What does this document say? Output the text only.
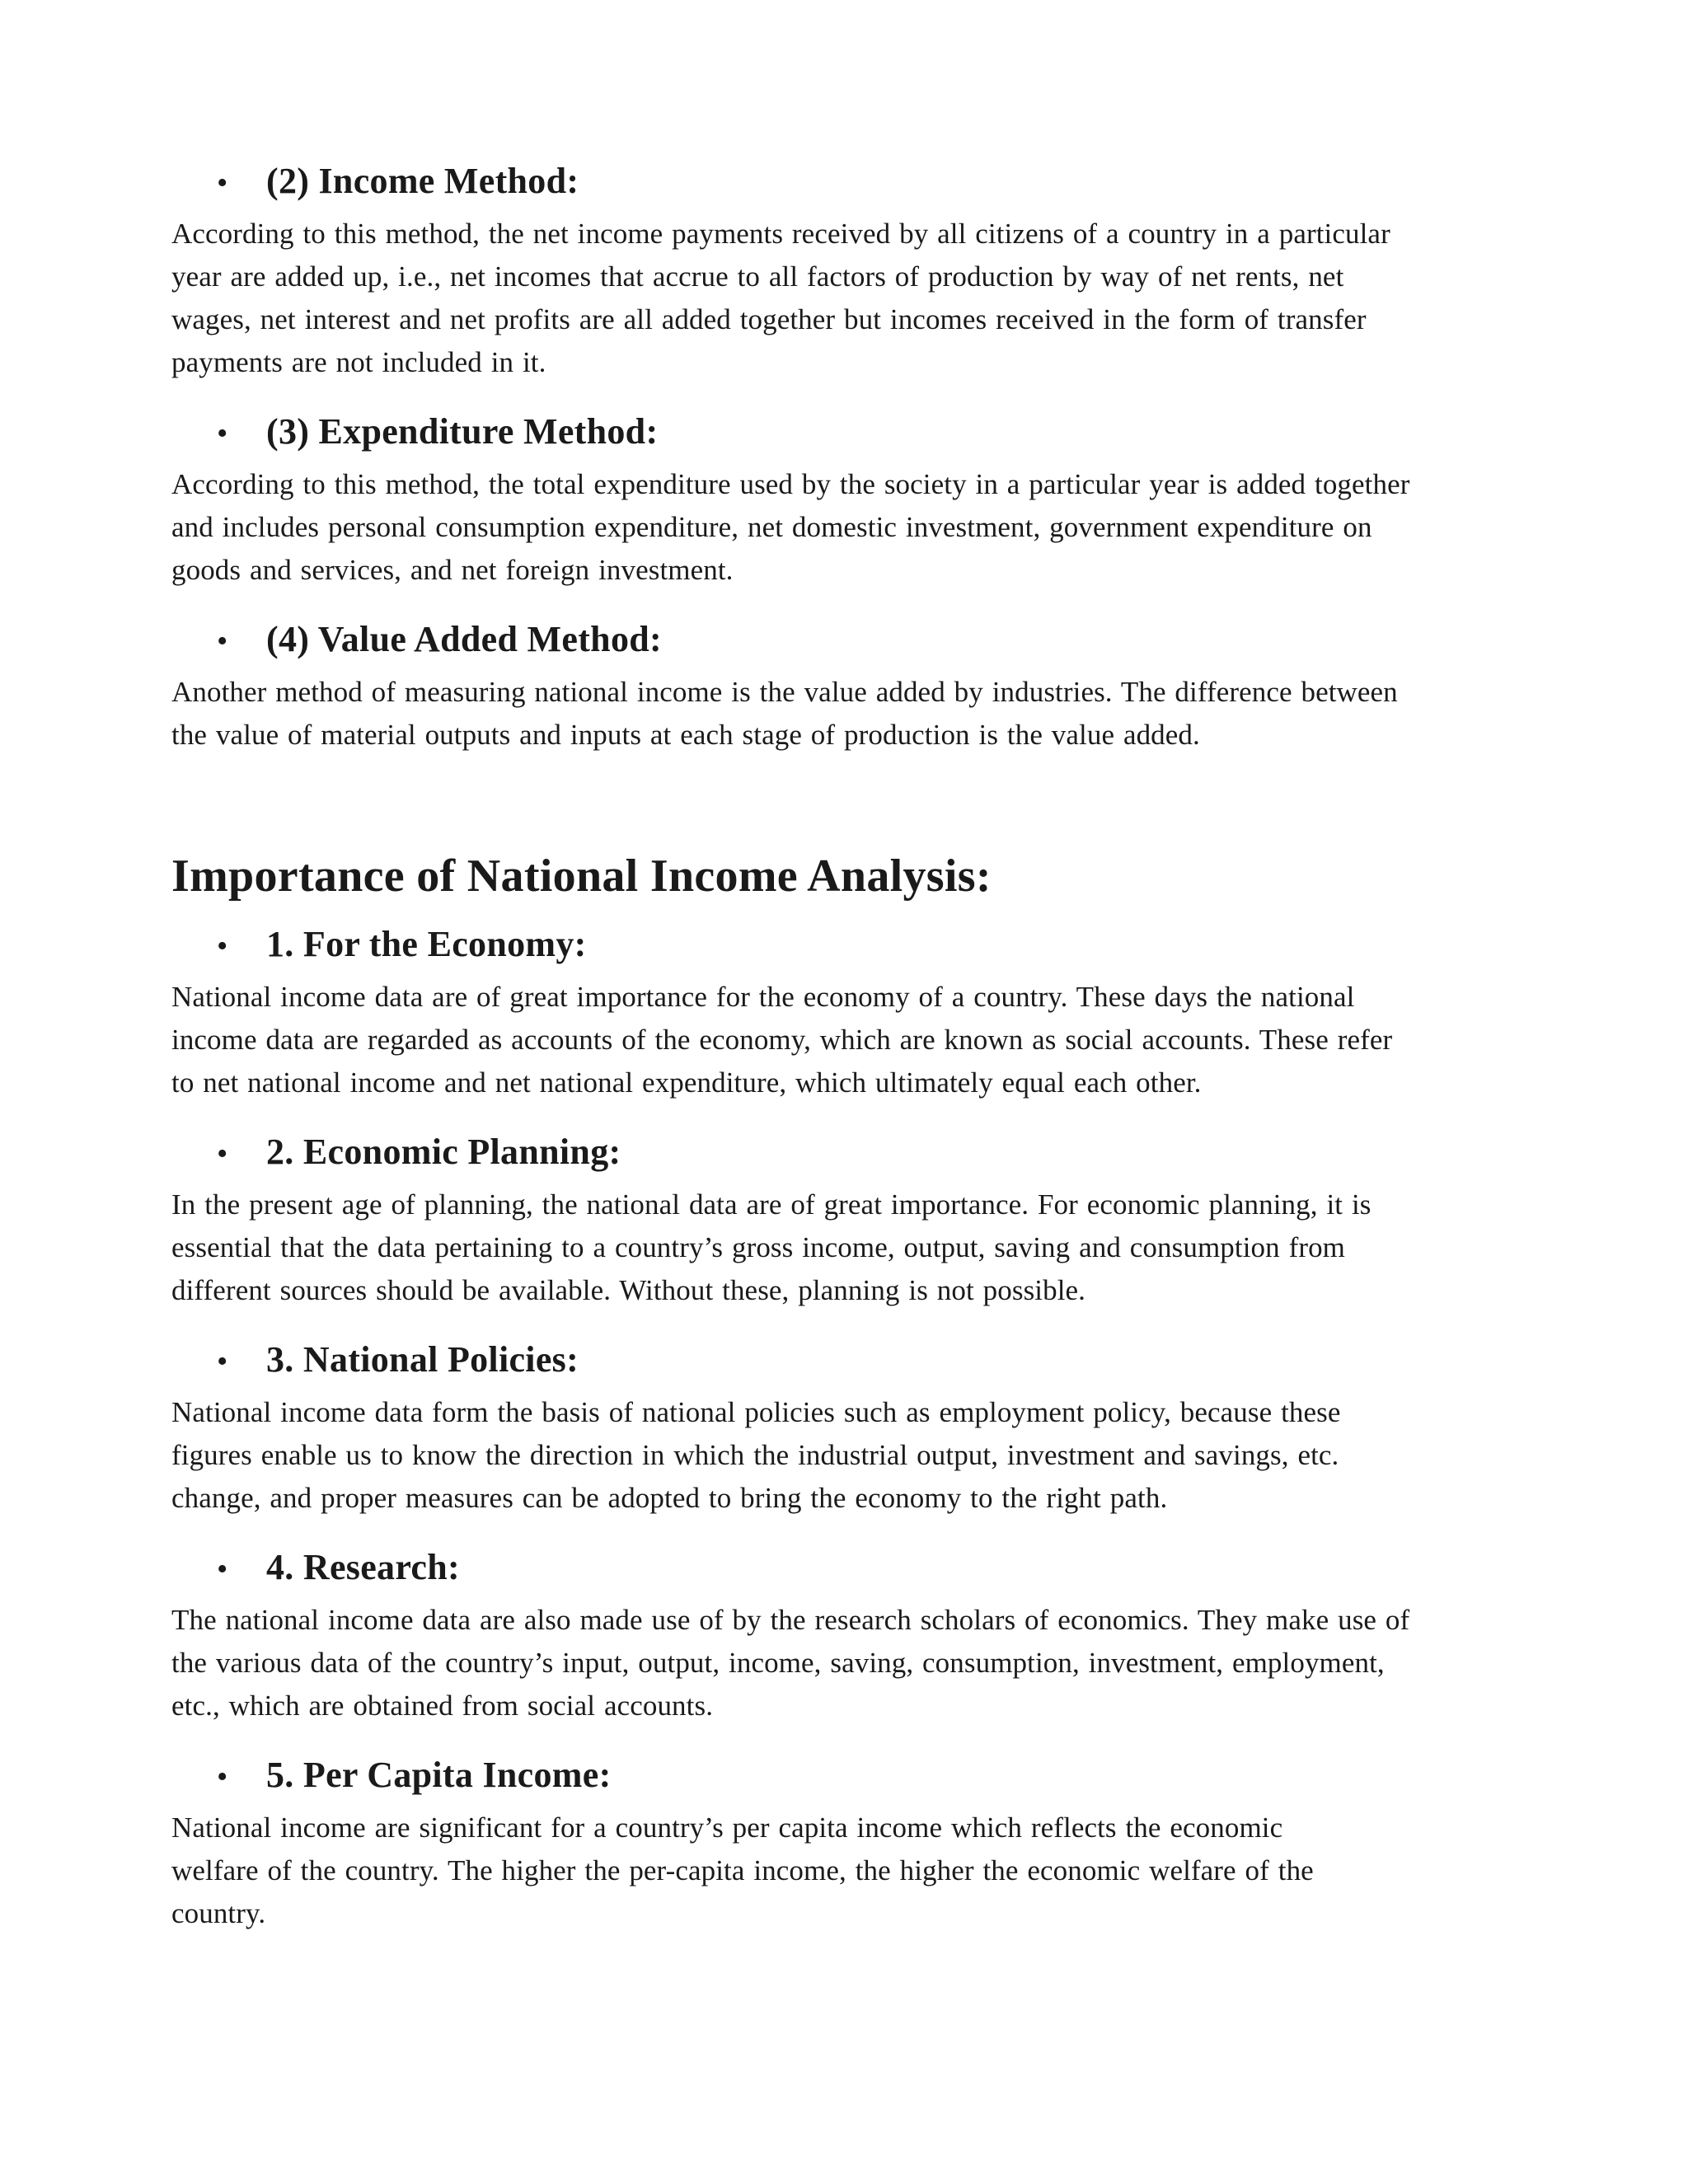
•	(2) Income Method:

According to this method, the net income payments received by all citizens of a country in a particular
year are added up, i.e., net incomes that accrue to all factors of production by way of net rents, net
wages, net interest and net profits are all added together but incomes received in the form of transfer
payments are not included in it.

•	(3) Expenditure Method:

According to this method, the total expenditure used by the society in a particular year is added together
and includes personal consumption expenditure, net domestic investment, government expenditure on
goods and services, and net foreign investment.

•	(4) Value Added Method:

Another method of measuring national income is the value added by industries. The difference between
the value of material outputs and inputs at each stage of production is the value added.

Importance of National Income Analysis:
•	1. For the Economy:

National income data are of great importance for the economy of a country. These days the national
income data are regarded as accounts of the economy, which are known as social accounts. These refer
to net national income and net national expenditure, which ultimately equal each other.

•	2. Economic Planning:

In the present age of planning, the national data are of great importance. For economic planning, it is
essential that the data pertaining to a country’s gross income, output, saving and consumption from
different sources should be available. Without these, planning is not possible.

•	3. National Policies:

National income data form the basis of national policies such as employment policy, because these
figures enable us to know the direction in which the industrial output, investment and savings, etc.
change, and proper measures can be adopted to bring the economy to the right path.

•	4. Research:

The national income data are also made use of by the research scholars of economics. They make use of
the various data of the country’s input, output, income, saving, consumption, investment, employment,
etc., which are obtained from social accounts.

•	5. Per Capita Income:

National income are significant for a country’s per capita income which reflects the economic
welfare of the country. The higher the per-capita income, the higher the economic welfare of the
country.
